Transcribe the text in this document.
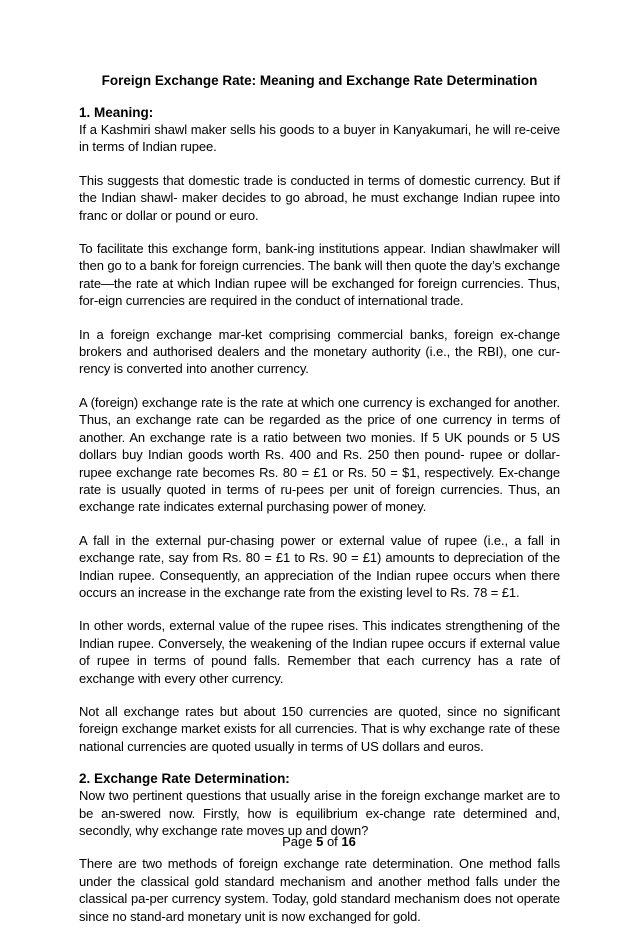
Foreign Exchange Rate: Meaning and Exchange Rate Determination

1. Meaning:

If a Kashmiri shawl maker sells his goods to a buyer in Kanyakumari, he will re-ceive in terms of Indian rupee.

This suggests that domestic trade is conducted in terms of domestic currency. But if the Indian shawl- maker decides to go abroad, he must exchange Indian rupee into franc or dollar or pound or euro.

To facilitate this exchange form, bank-ing institutions appear. Indian shawlmaker will then go to a bank for foreign currencies. The bank will then quote the day’s exchange rate—the rate at which Indian rupee will be exchanged for foreign currencies. Thus, for-eign currencies are required in the conduct of international trade.

In a foreign exchange mar-ket comprising commercial banks, foreign ex-change brokers and authorised dealers and the monetary authority (i.e., the RBI), one cur-rency is converted into another currency.

A (foreign) exchange rate is the rate at which one currency is exchanged for another. Thus, an exchange rate can be regarded as the price of one currency in terms of another. An exchange rate is a ratio between two monies. If 5 UK pounds or 5 US dollars buy Indian goods worth Rs. 400 and Rs. 250 then pound- rupee or dollar-rupee exchange rate becomes Rs. 80 = £1 or Rs. 50 = $1, respectively. Ex-change rate is usually quoted in terms of ru-pees per unit of foreign currencies. Thus, an exchange rate indicates external purchasing power of money.

A fall in the external pur-chasing power or external value of rupee (i.e., a fall in exchange rate, say from Rs. 80 = £1 to Rs. 90 = £1) amounts to depreciation of the Indian rupee. Consequently, an appreciation of the Indian rupee occurs when there occurs an increase in the exchange rate from the existing level to Rs. 78 = £1.

In other words, external value of the rupee rises. This indicates strengthening of the Indian rupee. Conversely, the weakening of the Indian rupee occurs if external value of rupee in terms of pound falls. Remember that each currency has a rate of exchange with every other currency.

Not all exchange rates but about 150 currencies are quoted, since no significant foreign exchange market exists for all currencies. That is why exchange rate of these national currencies are quoted usually in terms of US dollars and euros.

2. Exchange Rate Determination:

Now two pertinent questions that usually arise in the foreign exchange market are to be an-swered now. Firstly, how is equilibrium ex-change rate determined and, secondly, why exchange rate moves up and down?

There are two methods of foreign exchange rate determination. One method falls under the classical gold standard mechanism and another method falls under the classical pa-per currency system. Today, gold standard mechanism does not operate since no stand-ard monetary unit is now exchanged for gold.

Page 5 of 16
